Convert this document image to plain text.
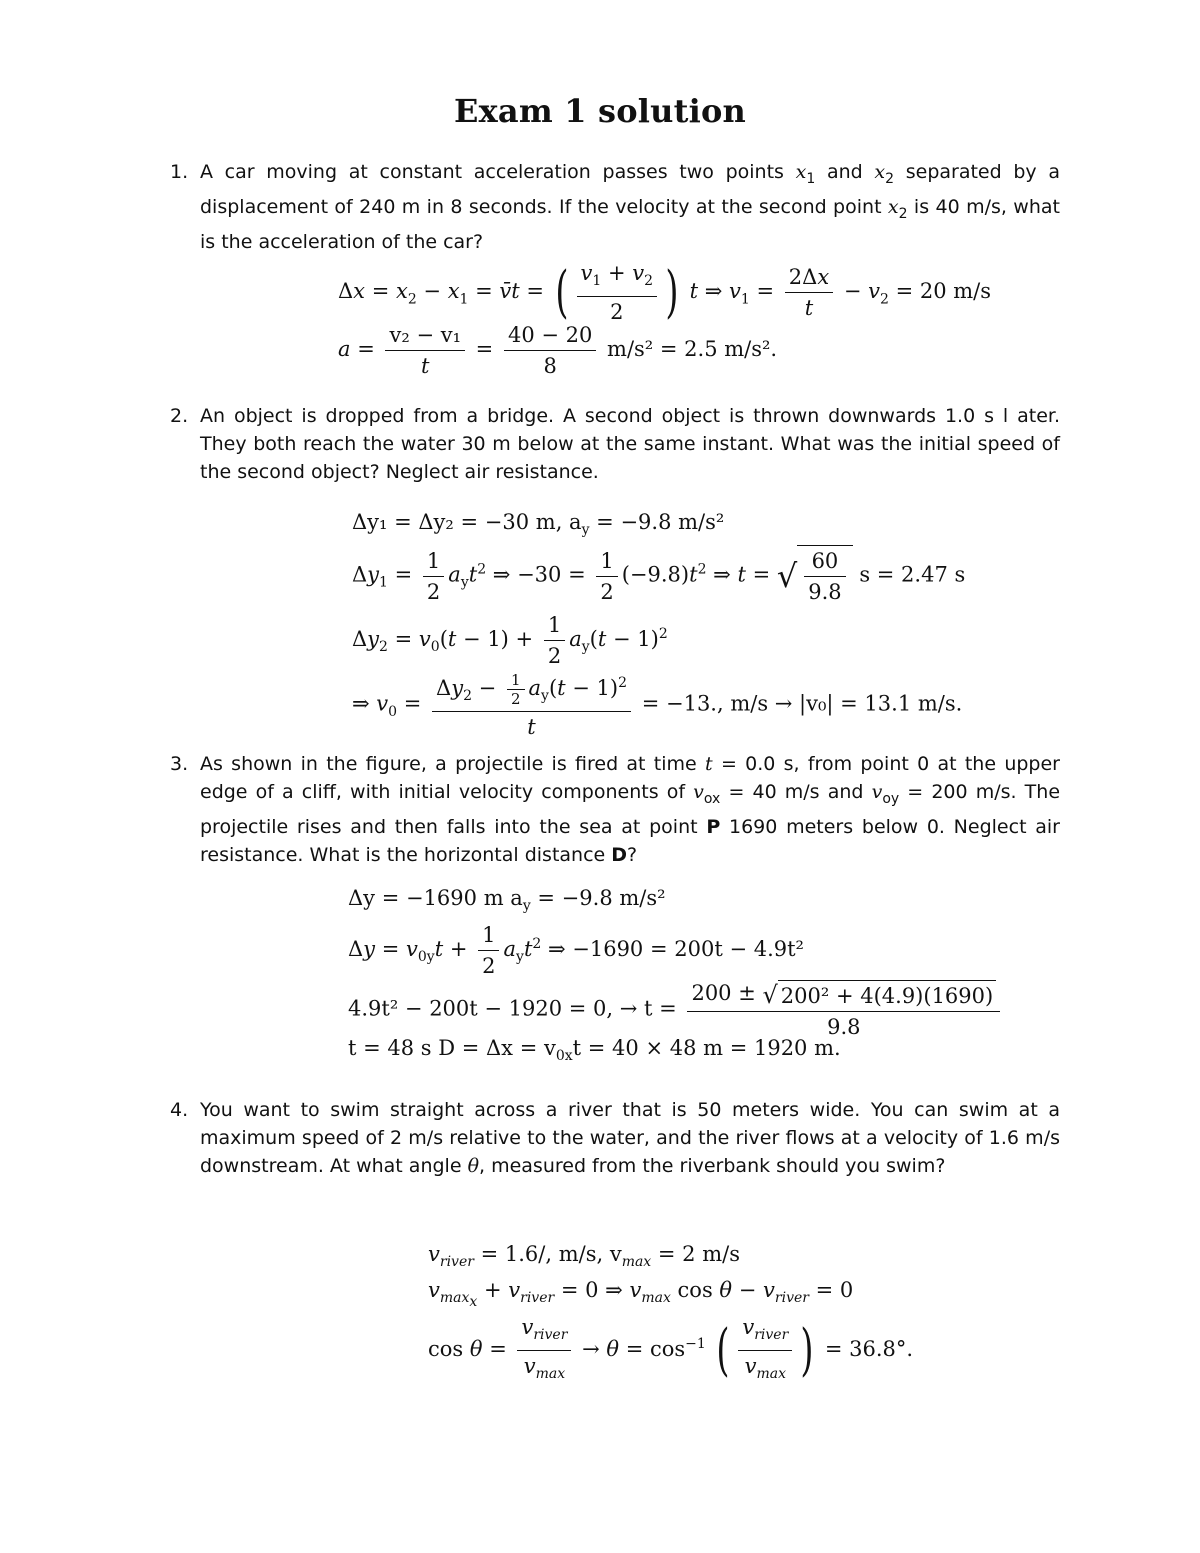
Exam 1 solution
1. A car moving at constant acceleration passes two points $x_1$ and $x_2$ separated by a displacement of 240 m in 8 seconds. If the velocity at the second point $x_2$ is 40 m/s, what is the acceleration of the car?
$\Delta x = x_2 - x_1$ = v̄t = ( $\frac{v_1 + v_2}{2}$ ) t ⇒ $v_1 = \frac{2\Delta x}{t} - v_2 = 20$ m/s
$a = \frac{\text{v₂ − v₁}}{t} = \frac{40 - 20}{8} m/s^2 = 2.5$ m/s².
2. An object is dropped from a bridge. A second object is thrown downwards 1.0 s l ater. They both reach the water 30 m below at the same instant. What was the initial speed of the second object? Neglect air resistance.
Δy₁ = Δy₂ = −30 m, $a_y = -9.8$ m/s²
$\Delta y_1 = \frac{1}{2} a_yt^2$ ⇒ $-30 = \frac{1}{2} (-9.8)t^2$ ⇒ t = √ $\frac{60}{9.8}$ s = 2.47 s
$\Delta y_2 = v_0(t - 1) + \frac{1}{2} a_y(t - 1)^2$
⇒ $v_0 = \frac{\Delta y_2 - \frac{1}{2} a_y(t - 1)^2}{t} = -13$., m/s → |v₀| = 13.1 m/s.
3. As shown in the figure, a projectile is fired at time t = 0.0 s, from point 0 at the upper edge of a cliff, with initial velocity components of $v_{ox} = 40$ m/s and $v_{oy} = 200$ m/s. The projectile rises and then falls into the sea at point P 1690 meters below 0. Neglect air resistance. What is the horizontal distance D?
Δy = −1690 m $a_y = -9.8$ m/s²
$\Delta y = v_{0y}t + \frac{1}{2} a_yt^2$ ⇒ −1690 = 200t − 4.9t²
4.9t² − 200t − 1920 = 0, → $t = \frac{\text{200 ± √ 200² + 4(4.9)(1690)}}{9.8}$
t = 48 s $D = \Delta x = v_{0x}t = 40 \times 48$ m = 1920 m.
4. You want to swim straight across a river that is 50 meters wide. You can swim at a maximum speed of 2 m/s relative to the water, and the river flows at a velocity of 1.6 m/s downstream. At what angle θ, measured from the riverbank should you swim?
$v_{river} = 1.6/$, m/s, $v_{max} = 2$ m/s
$v_{max_x} + v_{river} = 0$ ⇒ $v_{max}$ $\cos \theta - v_{river} = 0$
$\cos \theta = \frac{v_{river}}{v_{max}} \to \theta = \cos^{-1}$ ( $\frac{v_{river}}{v_{max}}$ ) = 36.8°.
